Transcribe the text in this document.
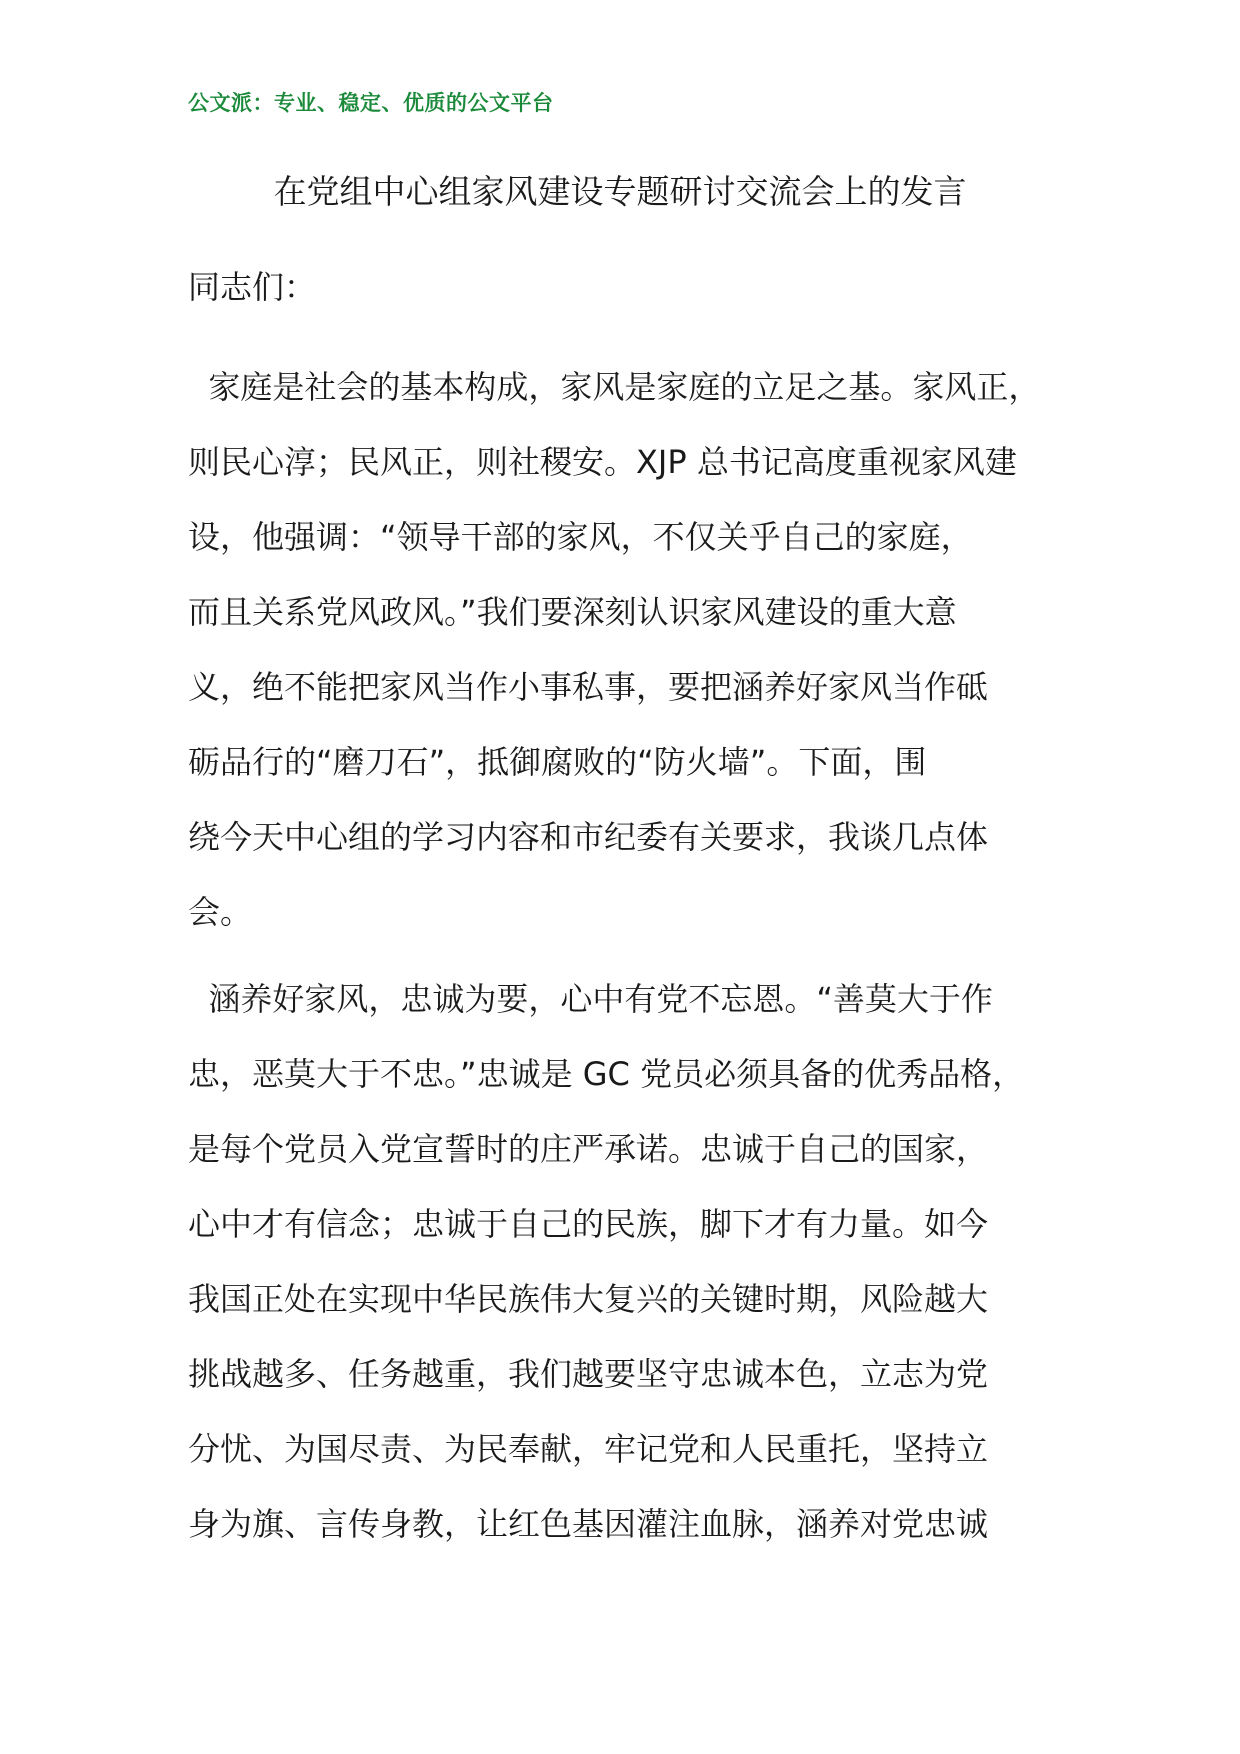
公文派：专业、稳定、优质的公文平台
在党组中心组家风建设专题研讨交流会上的发言
同志们：
家庭是社会的基本构成，家风是家庭的立足之基。家风正，
则民心淳；民风正，则社稷安。XJP 总书记高度重视家风建
设，他强调：“领导干部的家风，不仅关乎自己的家庭，
而且关系党风政风。”我们要深刻认识家风建设的重大意
义，绝不能把家风当作小事私事，要把涵养好家风当作砥
砺品行的“磨刀石”，抵御腐败的“防火墙”。下面，围
绕今天中心组的学习内容和市纪委有关要求，我谈几点体
会。
涵养好家风，忠诚为要，心中有党不忘恩。“善莫大于作
忠，恶莫大于不忠。”忠诚是 GC 党员必须具备的优秀品格，
是每个党员入党宣誓时的庄严承诺。忠诚于自己的国家，
心中才有信念；忠诚于自己的民族，脚下才有力量。如今
我国正处在实现中华民族伟大复兴的关键时期，风险越大
挑战越多、任务越重，我们越要坚守忠诚本色，立志为党
分忧、为国尽责、为民奉献，牢记党和人民重托，坚持立
身为旗、言传身教，让红色基因灌注血脉，涵养对党忠诚
